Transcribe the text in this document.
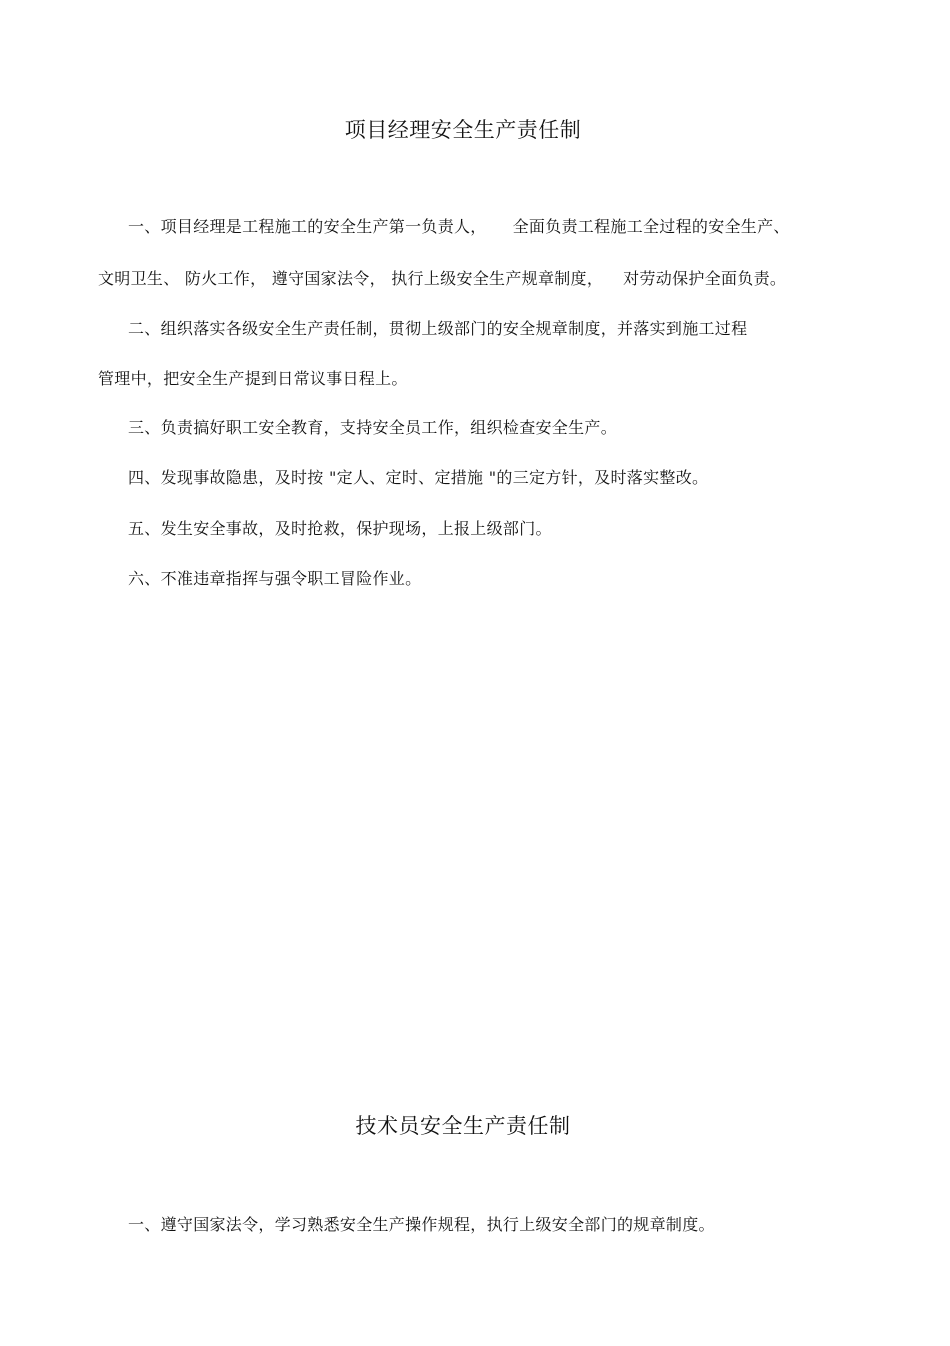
项目经理安全生产责任制
一、项目经理是工程施工的安全生产第一负责人， 全面负责工程施工全过程的安全生产、
文明卫生、 防火工作， 遵守国家法令， 执行上级安全生产规章制度， 对劳动保护全面负责。
二、组织落实各级安全生产责任制，贯彻上级部门的安全规章制度，并落实到施工过程
管理中，把安全生产提到日常议事日程上。
三、负责搞好职工安全教育，支持安全员工作，组织检查安全生产。
四、发现事故隐患，及时按 "定人、定时、定措施 "的三定方针，及时落实整改。
五、发生安全事故，及时抢救，保护现场，上报上级部门。
六、不准违章指挥与强令职工冒险作业。
技术员安全生产责任制
一、遵守国家法令，学习熟悉安全生产操作规程，执行上级安全部门的规章制度。
